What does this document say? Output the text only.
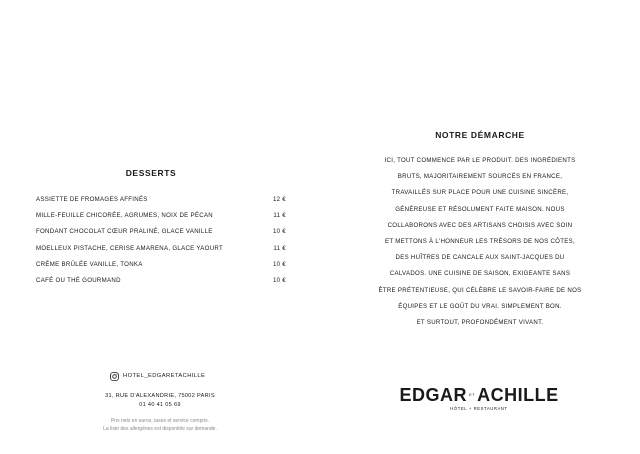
DESSERTS
ASSIETTE DE FROMAGES AFFINÉS	12 €
MILLE-FEUILLE CHICORÉE, AGRUMES, NOIX DE PÉCAN	11 €
FONDANT CHOCOLAT CŒUR PRALINÉ, GLACE VANILLE	10 €
MOELLEUX PISTACHE, CERISE AMARENA, GLACE YAOURT	11 €
CRÈME BRÛLÉE VANILLE, TONKA	10 €
CAFÉ OU THÉ GOURMAND	10 €
HOTEL_EDGARETACHILLE
31, RUE D'ALEXANDRIE, 75002 PARIS
01 40 41 05 69
Prix nets en euros, taxes et service compris.
La liste des allergènes est disponible sur demande.
NOTRE DÉMARCHE
ICI, TOUT COMMENCE PAR LE PRODUIT. DES INGRÉDIENTS
BRUTS, MAJORITAIREMENT SOURCÉS EN FRANCE,
TRAVAILLÉS SUR PLACE POUR UNE CUISINE SINCÈRE,
GÉNÉREUSE ET RÉSOLUMENT FAITE MAISON. NOUS
COLLABORONS AVEC DES ARTISANS CHOISIS AVEC SOIN
ET METTONS À L'HONNEUR LES TRÉSORS DE NOS CÔTES,
DES HUÎTRES DE CANCALE AUX SAINT-JACQUES DU
CALVADOS. UNE CUISINE DE SAISON, EXIGEANTE SANS
ÊTRE PRÉTENTIEUSE, QUI CÉLÈBRE LE SAVOIR-FAIRE DE NOS
ÉQUIPES ET LE GOÛT DU VRAI. SIMPLEMENT BON.
ET SURTOUT, PROFONDÉMENT VIVANT.
EDGAR ET ACHILLE
HÔTEL + RESTAURANT
